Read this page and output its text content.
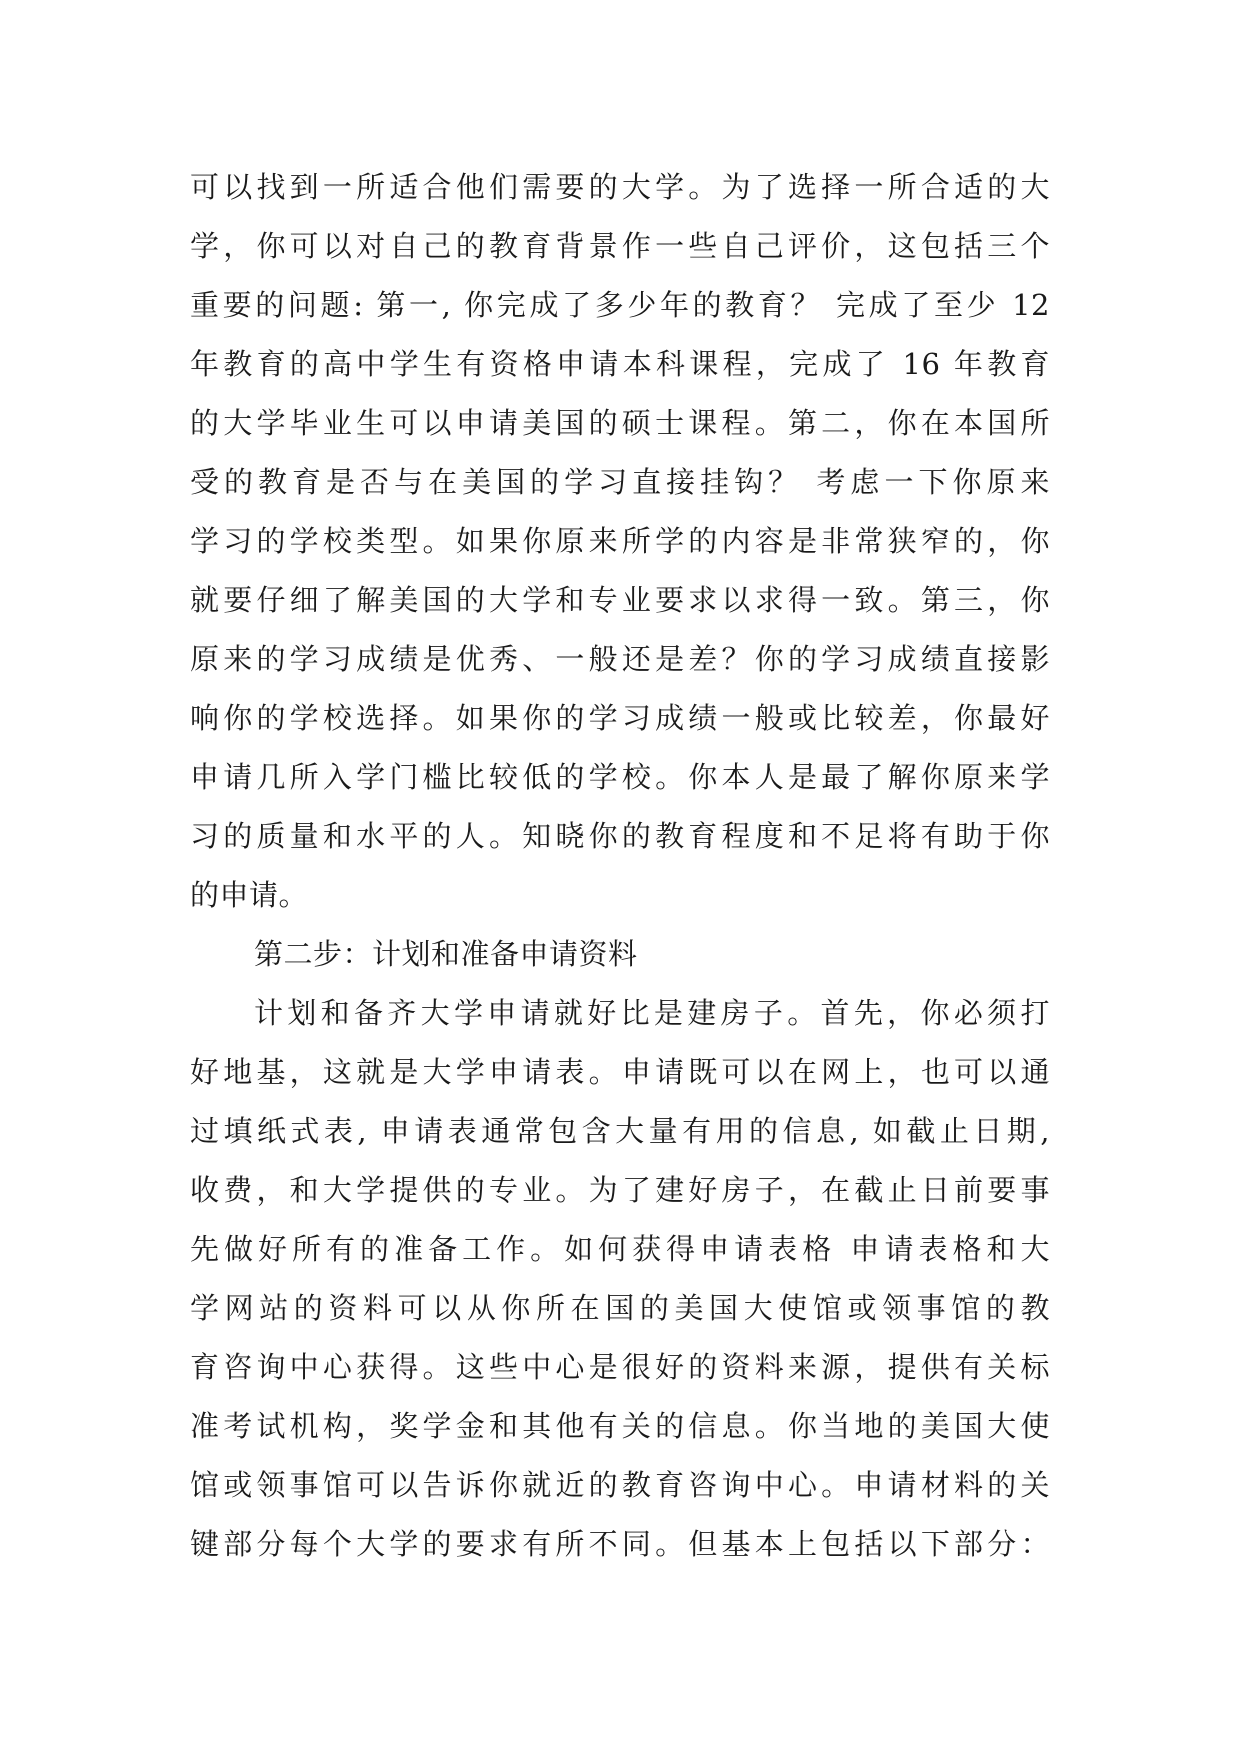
可以找到一所适合他们需要的大学。为了选择一所合适的大
学，你可以对自己的教育背景作一些自己评价，这包括三个
重要的问题: 第一, 你完成了多少年的教育？ 完成了至少 12
年教育的高中学生有资格申请本科课程，完成了 16 年教育
的大学毕业生可以申请美国的硕士课程。第二，你在本国所
受的教育是否与在美国的学习直接挂钩？ 考虑一下你原来
学习的学校类型。如果你原来所学的内容是非常狭窄的，你
就要仔细了解美国的大学和专业要求以求得一致。第三，你
原来的学习成绩是优秀、一般还是差？你的学习成绩直接影
响你的学校选择。如果你的学习成绩一般或比较差，你最好
申请几所入学门槛比较低的学校。你本人是最了解你原来学
习的质量和水平的人。知晓你的教育程度和不足将有助于你
的申请。
第二步：计划和准备申请资料
计划和备齐大学申请就好比是建房子。首先，你必须打
好地基，这就是大学申请表。申请既可以在网上，也可以通
过填纸式表, 申请表通常包含大量有用的信息, 如截止日期,
收费，和大学提供的专业。为了建好房子，在截止日前要事
先做好所有的准备工作。如何获得申请表格 申请表格和大
学网站的资料可以从你所在国的美国大使馆或领事馆的教
育咨询中心获得。这些中心是很好的资料来源，提供有关标
准考试机构，奖学金和其他有关的信息。你当地的美国大使
馆或领事馆可以告诉你就近的教育咨询中心。申请材料的关
键部分每个大学的要求有所不同。但基本上包括以下部分：
